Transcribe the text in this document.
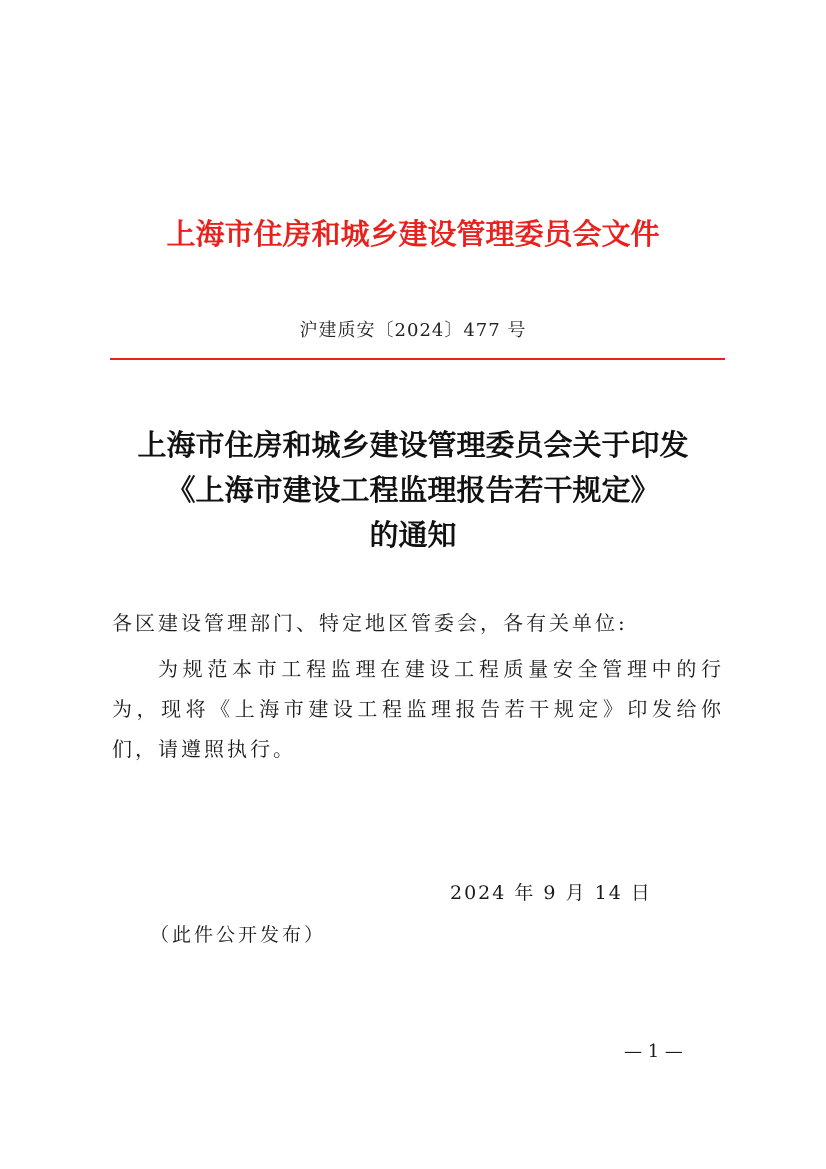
上海市住房和城乡建设管理委员会文件
沪建质安〔2024〕477 号
上海市住房和城乡建设管理委员会关于印发
《上海市建设工程监理报告若干规定》
的通知
各区建设管理部门、特定地区管委会，各有关单位:
为规范本市工程监理在建设工程质量安全管理中的行为，现将《上海市建设工程监理报告若干规定》印发给你们，请遵照执行。
2024 年 9 月 14 日
（此件公开发布）
— 1 —
